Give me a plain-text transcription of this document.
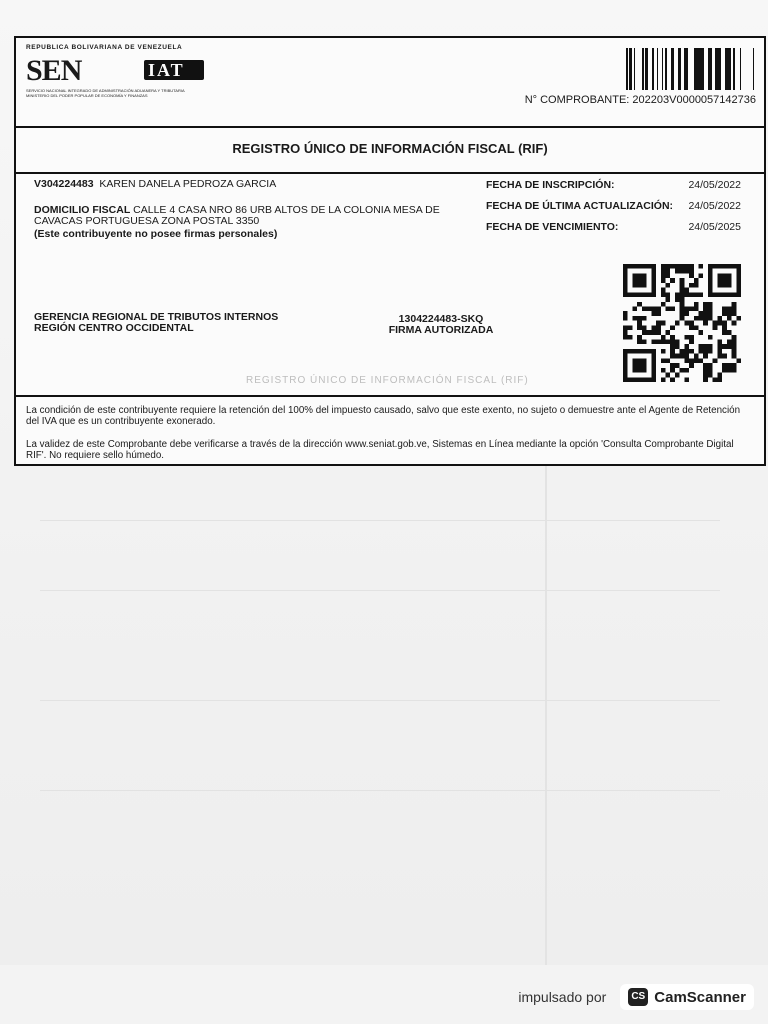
REPUBLICA BOLIVARIANA DE VENEZUELA
SEN	IAT
SERVICIO NACIONAL INTEGRADO DE ADMINISTRACIÓN ADUANERA Y TRIBUTARIA
MINISTERIO DEL PODER POPULAR DE ECONOMÍA Y FINANZAS	N° COMPROBANTE: 202203V0000057142736
REGISTRO ÚNICO DE INFORMACIÓN FISCAL (RIF)
V304224483 KAREN DANELA PEDROZA GARCIA
DOMICILIO FISCAL CALLE 4 CASA NRO 86 URB ALTOS DE LA COLONIA MESA DE
CAVACAS PORTUGUESA ZONA POSTAL 3350
(Este contribuyente no posee firmas personales)
FECHA DE INSCRIPCIÓN:	24/05/2022
FECHA DE ÚLTIMA ACTUALIZACIÓN: 24/05/2022
FECHA DE VENCIMIENTO:	24/05/2025
GERENCIA REGIONAL DE TRIBUTOS INTERNOS
REGIÓN CENTRO OCCIDENTAL
1304224483-SKQ
FIRMA AUTORIZADA
REGISTRO ÚNICO DE INFORMACIÓN FISCAL (RIF)
La condición de este contribuyente requiere la retención del 100% del impuesto causado, salvo que este exento, no sujeto o demuestre ante el Agente de Retención del IVA que es un contribuyente exonerado.
La validez de este Comprobante debe verificarse a través de la dirección www.seniat.gob.ve, Sistemas en Línea mediante la opción 'Consulta Comprobante Digital RIF'. No requiere sello húmedo.
impulsado por	CS CamScanner
